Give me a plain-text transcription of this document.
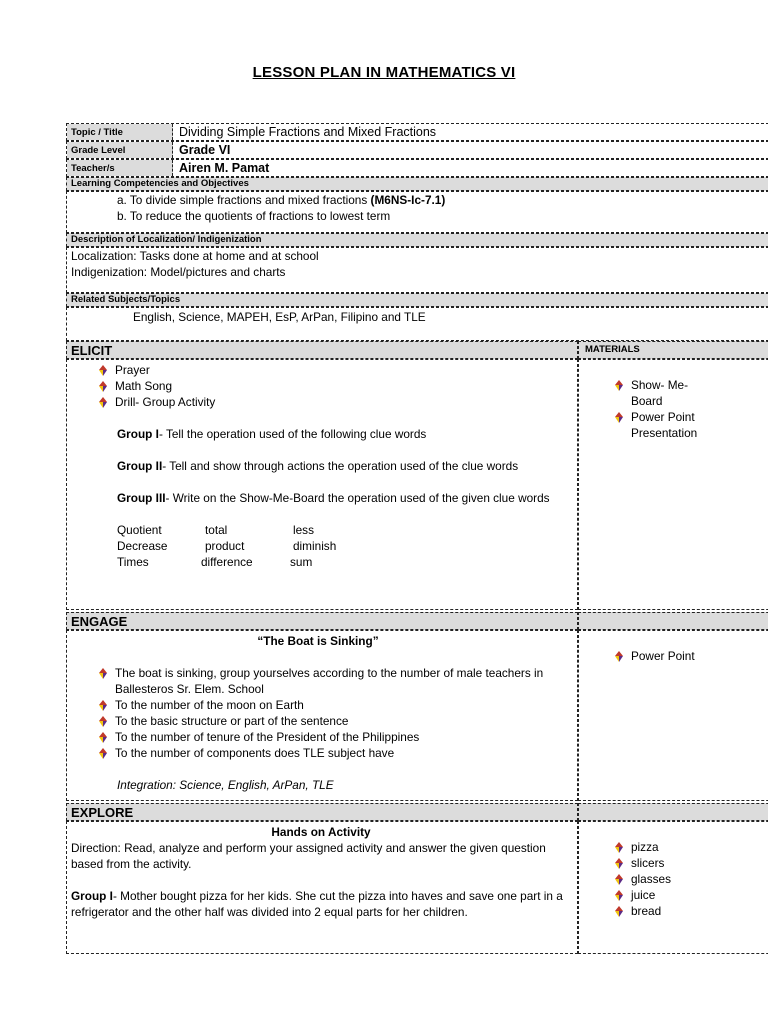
LESSON PLAN IN MATHEMATICS VI
Topic / Title	Dividing Simple Fractions and Mixed Fractions
Grade Level	Grade VI
Teacher/s	Airen M. Pamat
Learning Competencies and Objectives
a. To divide simple fractions and mixed fractions (M6NS-Ic-7.1)
b. To reduce the quotients of fractions to lowest term
Description of Localization/ Indigenization
Localization: Tasks done at home and at school
Indigenization: Model/pictures and charts
Related Subjects/Topics
English, Science, MAPEH, EsP, ArPan, Filipino and TLE
ELICIT	MATERIALS
Prayer
Math Song
Drill- Group Activity
Group I- Tell the operation used of the following clue words
Group II- Tell and show through actions the operation used of the clue words
Group III- Write on the Show-Me-Board the operation used of the given clue words
Quotient	total	less
Decrease	product	diminish
Times	difference	sum
Show- Me- Board
Power Point Presentation
ENGAGE
“The Boat is Sinking”
The boat is sinking, group yourselves according to the number of male teachers in Ballesteros Sr. Elem. School
To the number of the moon on Earth
To the basic structure or part of the sentence
To the number of tenure of the President of the Philippines
To the number of components does TLE subject have
Integration: Science, English, ArPan, TLE
Power Point
EXPLORE
Hands on Activity
Direction: Read, analyze and perform your assigned activity and answer the given question based from the activity.
Group I- Mother bought pizza for her kids. She cut the pizza into haves and save one part in a refrigerator and the other half was divided into 2 equal parts for her children.
pizza
slicers
glasses
juice
bread
